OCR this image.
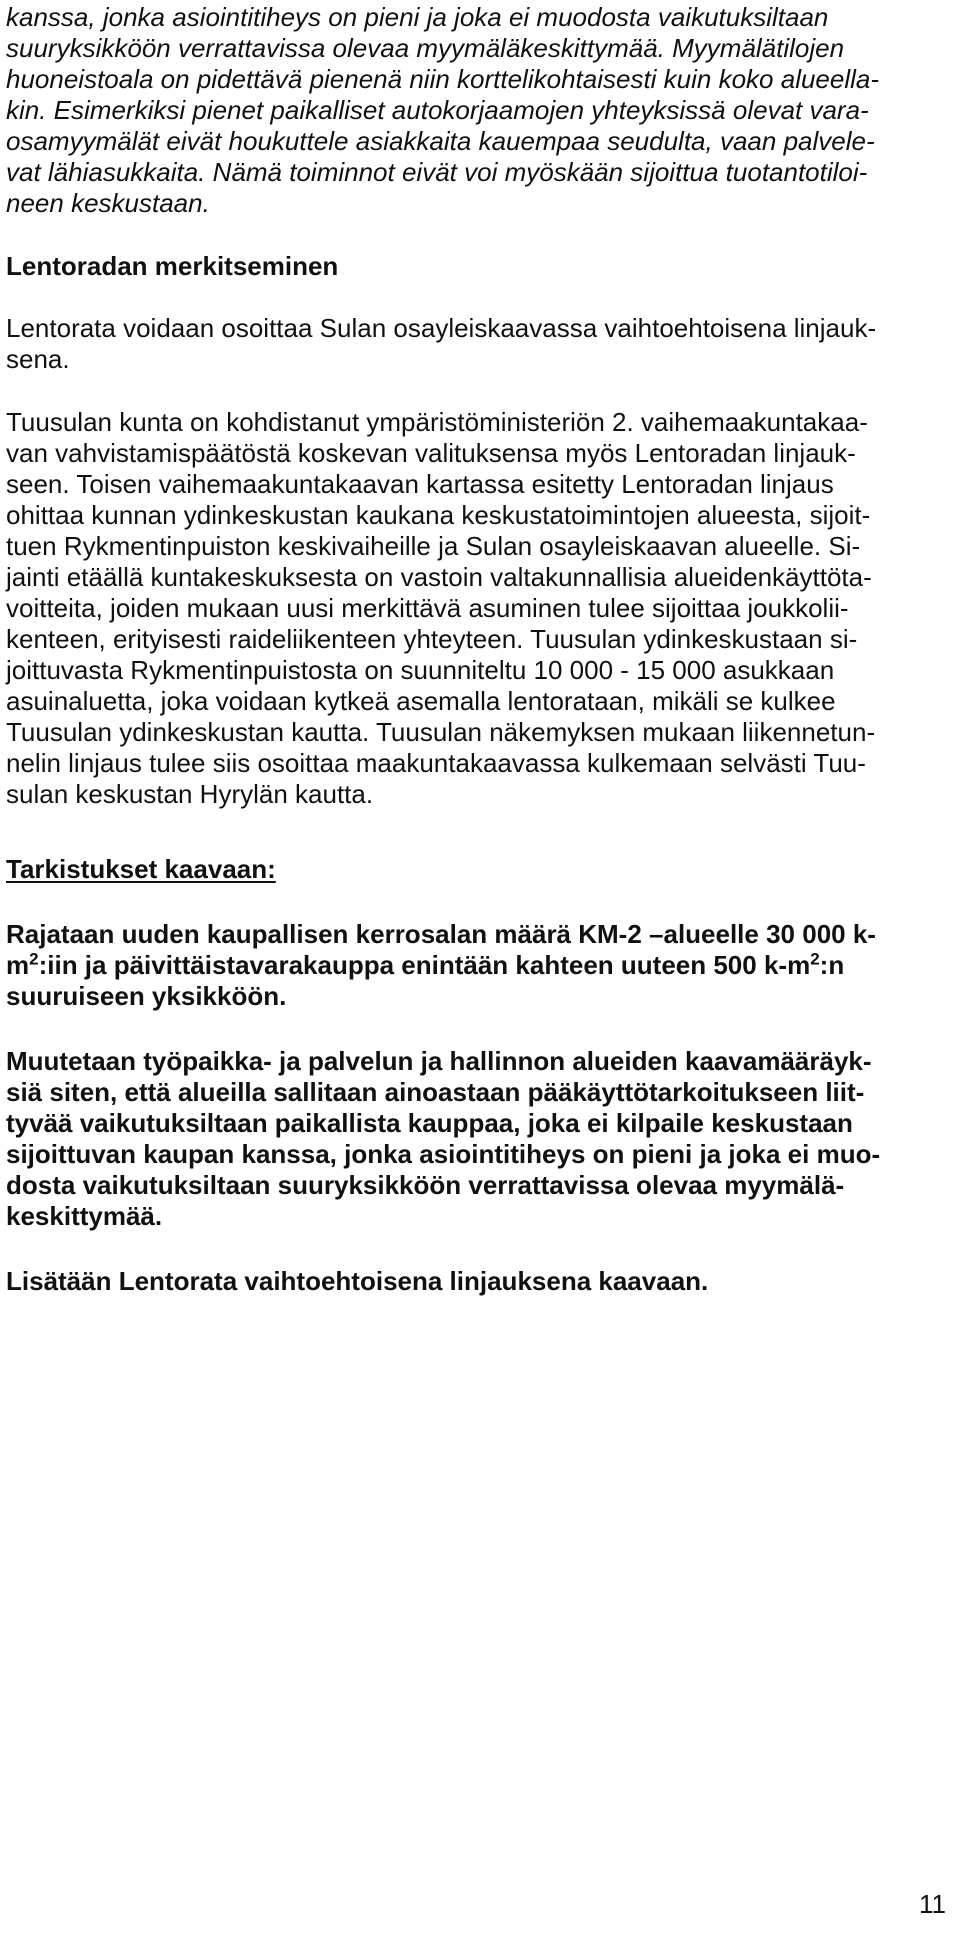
kanssa, jonka asiointitiheys on pieni ja joka ei muodosta vaikutuksiltaan
suuryksikköön verrattavissa olevaa myymäläkeskittymää. Myymälätilojen
huoneistoala on pidettävä pienenä niin korttelikohtaisesti kuin koko alueella-
kin. Esimerkiksi pienet paikalliset autokorjaamojen yhteyksissä olevat vara-
osamyymälät eivät houkuttele asiakkaita kauempaa seudulta, vaan palvele-
vat lähiasukkaita. Nämä toiminnot eivät voi myöskään sijoittua tuotantotiloi-
neen keskustaan.
Lentoradan merkitseminen
Lentorata voidaan osoittaa Sulan osayleiskaavassa vaihtoehtoisena linjauk-
sena.
Tuusulan kunta on kohdistanut ympäristöministeriön 2. vaihemaakuntakaa-
van vahvistamispäätöstä koskevan valituksensa myös Lentoradan linjauk-
seen. Toisen vaihemaakuntakaavan kartassa esitetty Lentoradan linjaus
ohittaa kunnan ydinkeskustan kaukana keskustatoimintojen alueesta, sijoit-
tuen Rykmentinpuiston keskivaiheille ja Sulan osayleiskaavan alueelle. Si-
jainti etäällä kuntakeskuksesta on vastoin valtakunnallisia alueidenkäyttöta-
voitteita, joiden mukaan uusi merkittävä asuminen tulee sijoittaa joukkolii-
kenteen, erityisesti raideliikenteen yhteyteen. Tuusulan ydinkeskustaan si-
joittuvasta Rykmentinpuistosta on suunniteltu 10 000 - 15 000 asukkaan
asuinaluetta, joka voidaan kytkeä asemalla lentorataan, mikäli se kulkee
Tuusulan ydinkeskustan kautta. Tuusulan näkemyksen mukaan liikennetun-
nelin linjaus tulee siis osoittaa maakuntakaavassa kulkemaan selvästi Tuu-
sulan keskustan Hyrylän kautta.
Tarkistukset kaavaan:
Rajataan uuden kaupallisen kerrosalan määrä KM-2 –alueelle 30 000 k-
$m^2:iin$ ja päivittäistavarakauppa enintään kahteen uuteen 500 $k-m^2:n$
suuruiseen yksikköön.
Muutetaan työpaikka- ja palvelun ja hallinnon alueiden kaavamääräyk-
siä siten, että alueilla sallitaan ainoastaan pääkäyttötarkoitukseen liit-
tyvää vaikutuksiltaan paikallista kauppaa, joka ei kilpaile keskustaan
sijoittuvan kaupan kanssa, jonka asiointitiheys on pieni ja joka ei muo-
dosta vaikutuksiltaan suuryksikköön verrattavissa olevaa myymälä-
keskittymää.
Lisätään Lentorata vaihtoehtoisena linjauksena kaavaan.
11
